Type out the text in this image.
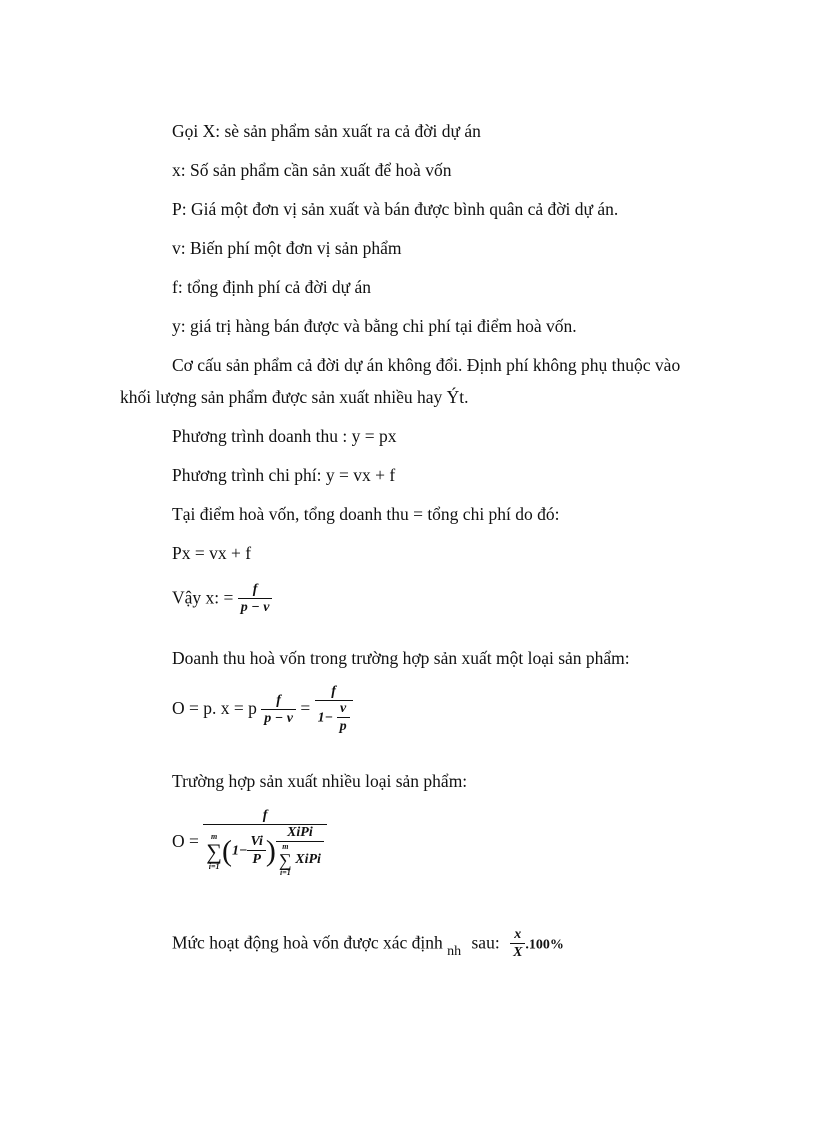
Gọi X: sè sản phẩm sản xuất ra cả đời dự án
x: Số sản phẩm cần sản xuất để hoà vốn
P: Giá một đơn vị sản xuất và bán được bình quân cả đời dự án.
v: Biến phí một đơn vị sản phẩm
f: tổng định phí cả đời dự án
y: giá trị hàng bán được và bằng chi phí tại điểm hoà vốn.
Cơ cấu sản phẩm cả đời dự án không đổi. Định phí không phụ thuộc vào
khối lượng sản phẩm được sản xuất nhiều hay Ýt.
Phương trình doanh thu : y = px
Phương trình chi phí: y = vx + f
Tại điểm hoà vốn, tổng doanh thu = tổng chi phí do đó:
Px = vx + f
Vậy x: = $\frac{f}{p - v}$
Doanh thu hoà vốn trong trường hợp sản xuất một loại sản phẩm:
O = p. x = p $\frac{f}{p - v} = \frac{f}{1- \frac{v}{p}}$
Trường hợp sản xuất nhiều loại sản phẩm:
O =
f
m
∑
i=1 ($1- \frac{Vi}{P}$ ) XiPi
m
∑
i=1
XiPi
Mức hoạt động hoà vốn được xác định $_{nh}$ sau: $\frac{x}{X} .100\%$
